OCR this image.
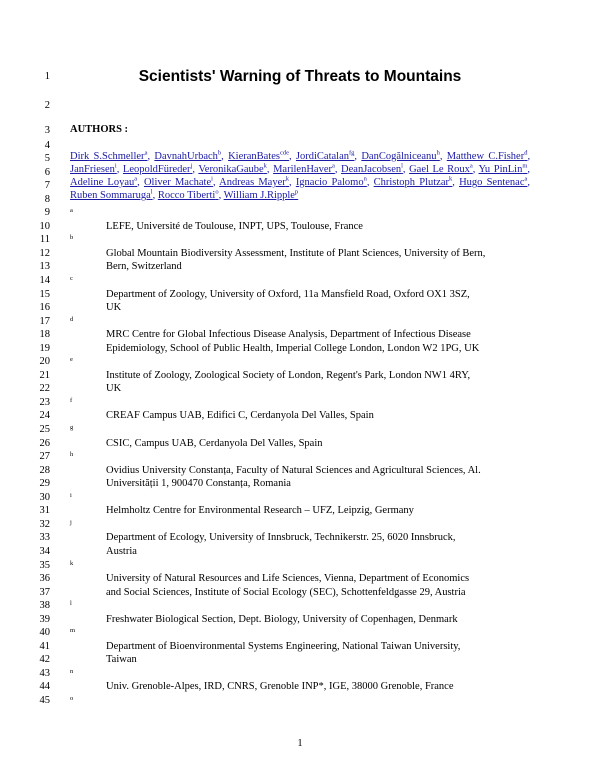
1
2
3
4
5
6
7
8
9
10
11
12
13
14
15
16
17
18
19
20
21
22
23
24
25
26
27
28
29
30
31
32
33
34
35
36
37
38
39
40
41
42
43
44
45
Scientists' Warning of Threats to Mountains
AUTHORS :
Dirk S.Schmeller$^a$, DavnahUrbach$^b$, KieranBates$^{cde}$, JordiCatalan$^{fg}$, DanCogălniceanu$^h$, Matthew C.Fisher$^d$, JanFriesen$^i$, LeopoldFüreder$^j$, VeronikaGaube$^k$, MarilenHaver$^a$, DeanJacobsen$^l$, Gael Le Roux$^a$, Yu PinLin$^m$, Adeline Loyau$^a$, Oliver Machate$^i$, Andreas Mayer$^k$, Ignacio Palomo$^n$, Christoph Plutzar$^k$, Hugo Sentenac$^a$, Ruben Sommaruga$^l$, Rocco Tiberti$^o$, William J.Ripple$^p$
a
LEFE, Université de Toulouse, INPT, UPS, Toulouse, France
b
Global Mountain Biodiversity Assessment, Institute of Plant Sciences, University of Bern,
Bern, Switzerland
c
Department of Zoology, University of Oxford, 11a Mansfield Road, Oxford OX1 3SZ,
UK
d
MRC Centre for Global Infectious Disease Analysis, Department of Infectious Disease
Epidemiology, School of Public Health, Imperial College London, London W2 1PG, UK
e
Institute of Zoology, Zoological Society of London, Regent's Park, London NW1 4RY,
UK
f
CREAF Campus UAB, Edifici C, Cerdanyola Del Valles, Spain
g
CSIC, Campus UAB, Cerdanyola Del Valles, Spain
h
Ovidius University Constanța, Faculty of Natural Sciences and Agricultural Sciences, Al.
Universității 1, 900470 Constanța, Romania
i
Helmholtz Centre for Environmental Research – UFZ, Leipzig, Germany
j
Department of Ecology, University of Innsbruck, Technikerstr. 25, 6020 Innsbruck,
Austria
k
University of Natural Resources and Life Sciences, Vienna, Department of Economics
and Social Sciences, Institute of Social Ecology (SEC), Schottenfeldgasse 29, Austria
l
Freshwater Biological Section, Dept. Biology, University of Copenhagen, Denmark
m
Department of Bioenvironmental Systems Engineering, National Taiwan University,
Taiwan
n
Univ. Grenoble-Alpes, IRD, CNRS, Grenoble INP*, IGE, 38000 Grenoble, France
o
1
